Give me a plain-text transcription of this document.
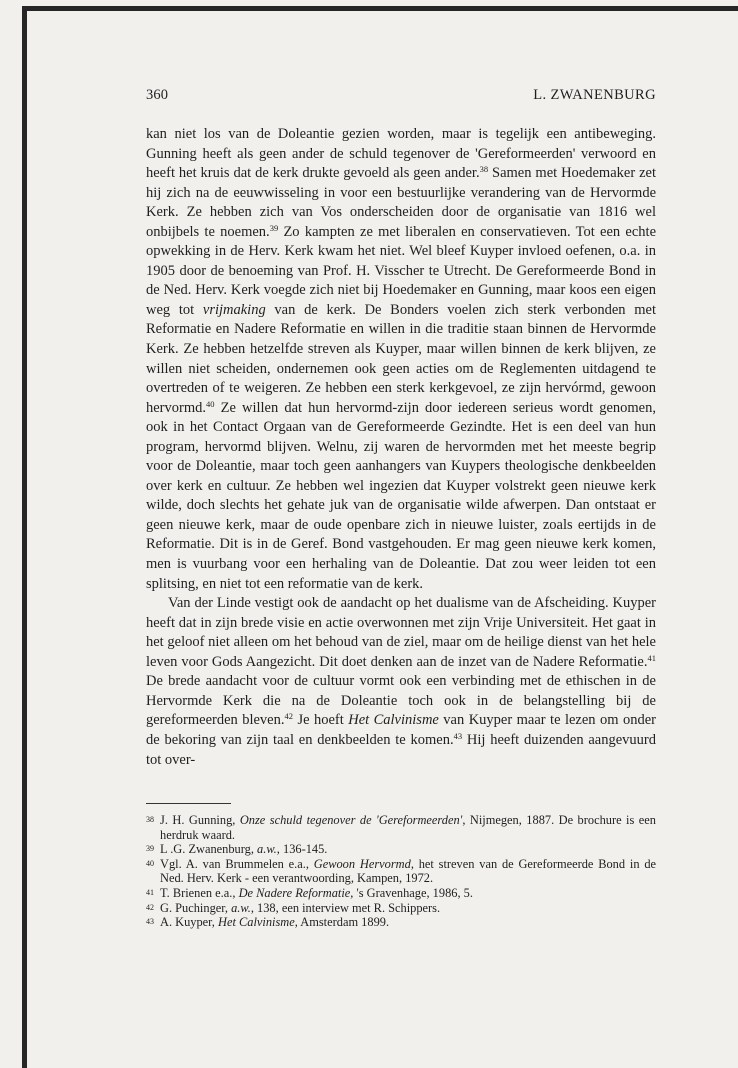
360	L. ZWANENBURG

kan niet los van de Doleantie gezien worden, maar is tegelijk een antibeweging. Gunning heeft als geen ander de schuld tegenover de 'Gereformeerden' verwoord en heeft het kruis dat de kerk drukte gevoeld als geen ander.$^{38}$ Samen met Hoedemaker zet hij zich na de eeuwwisseling in voor een bestuurlijke verandering van de Hervormde Kerk. Ze hebben zich van Vos onderscheiden door de organisatie van 1816 wel onbijbels te noemen.$^{39}$ Zo kampten ze met liberalen en conservatieven. Tot een echte opwekking in de Herv. Kerk kwam het niet. Wel bleef Kuyper invloed oefenen, o.a. in 1905 door de benoeming van Prof. H. Visscher te Utrecht. De Gereformeerde Bond in de Ned. Herv. Kerk voegde zich niet bij Hoedemaker en Gunning, maar koos een eigen weg tot vrijmaking van de kerk. De Bonders voelen zich sterk verbonden met Reformatie en Nadere Reformatie en willen in die traditie staan binnen de Hervormde Kerk. Ze hebben hetzelfde streven als Kuyper, maar willen binnen de kerk blijven, ze willen niet scheiden, ondernemen ook geen acties om de Reglementen uitdagend te overtreden of te weigeren. Ze hebben een sterk kerkgevoel, ze zijn hervórmd, gewoon hervormd.$^{40}$ Ze willen dat hun hervormd-zijn door iedereen serieus wordt genomen, ook in het Contact Orgaan van de Gereformeerde Gezindte. Het is een deel van hun program, hervormd blijven. Welnu, zij waren de hervormden met het meeste begrip voor de Doleantie, maar toch geen aanhangers van Kuypers theologische denkbeelden over kerk en cultuur. Ze hebben wel ingezien dat Kuyper volstrekt geen nieuwe kerk wilde, doch slechts het gehate juk van de organisatie wilde afwerpen. Dan ontstaat er geen nieuwe kerk, maar de oude openbare zich in nieuwe luister, zoals eertijds in de Reformatie. Dit is in de Geref. Bond vastgehouden. Er mag geen nieuwe kerk komen, men is vuurbang voor een herhaling van de Doleantie. Dat zou weer leiden tot een splitsing, en niet tot een reformatie van de kerk.

Van der Linde vestigt ook de aandacht op het dualisme van de Afscheiding. Kuyper heeft dat in zijn brede visie en actie overwonnen met zijn Vrije Universiteit. Het gaat in het geloof niet alleen om het behoud van de ziel, maar om de heilige dienst van het hele leven voor Gods Aangezicht. Dit doet denken aan de inzet van de Nadere Reformatie.$^{41}$ De brede aandacht voor de cultuur vormt ook een verbinding met de ethischen in de Hervormde Kerk die na de Doleantie toch ook in de belangstelling bij de gereformeerden bleven.$^{42}$ Je hoeft Het Calvinisme van Kuyper maar te lezen om onder de bekoring van zijn taal en denkbeelden te komen.$^{43}$ Hij heeft duizenden aangevuurd tot over-

38 J. H. Gunning, Onze schuld tegenover de 'Gereformeerden', Nijmegen, 1887. De brochure is een herdruk waard.
39 L .G. Zwanenburg, a.w., 136-145.
40 Vgl. A. van Brummelen e.a., Gewoon Hervormd, het streven van de Gereformeerde Bond in de Ned. Herv. Kerk - een verantwoording, Kampen, 1972.
41 T. Brienen e.a., De Nadere Reformatie, 's Gravenhage, 1986, 5.
42 G. Puchinger, a.w., 138, een interview met R. Schippers.
43 A. Kuyper, Het Calvinisme, Amsterdam 1899.
